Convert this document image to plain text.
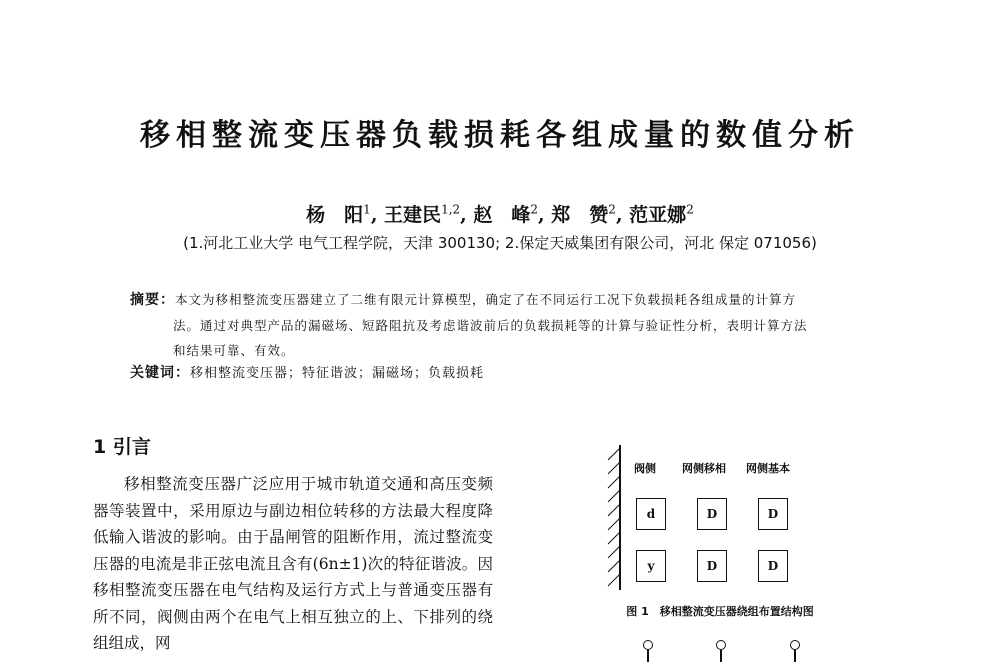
移相整流变压器负载损耗各组成量的数值分析
杨　阳$^1$, 王建民$^{1,2}$, 赵　峰$^2$, 郑　赞$^2$, 范亚娜$^2$
(1.河北工业大学 电气工程学院，天津 300130; 2.保定天威集团有限公司，河北 保定 071056)
摘要：本文为移相整流变压器建立了二维有限元计算模型，确定了在不同运行工况下负载损耗各组成量的计算方
法。通过对典型产品的漏磁场、短路阻抗及考虑谐波前后的负载损耗等的计算与验证性分析，表明计算方法
和结果可靠、有效。
关键词：移相整流变压器；特征谐波；漏磁场；负载损耗
1 引言

移相整流变压器广泛应用于城市轨道交通和高压变频器等装置中，采用原边与副边相位转移的方法最大程度降低输入谐波的影响。由于晶闸管的阻断作用，流过整流变压器的电流是非正弦电流且含有(6n±1)次的特征谐波。因移相整流变压器在电气结构及运行方式上与普通变压器有所不同，阀侧由两个在电气上相互独立的上、下排列的绕组组成，网

阀侧 网侧移相 网侧基本
d	D	D
y	D	D
图 1　移相整流变压器绕组布置结构图
